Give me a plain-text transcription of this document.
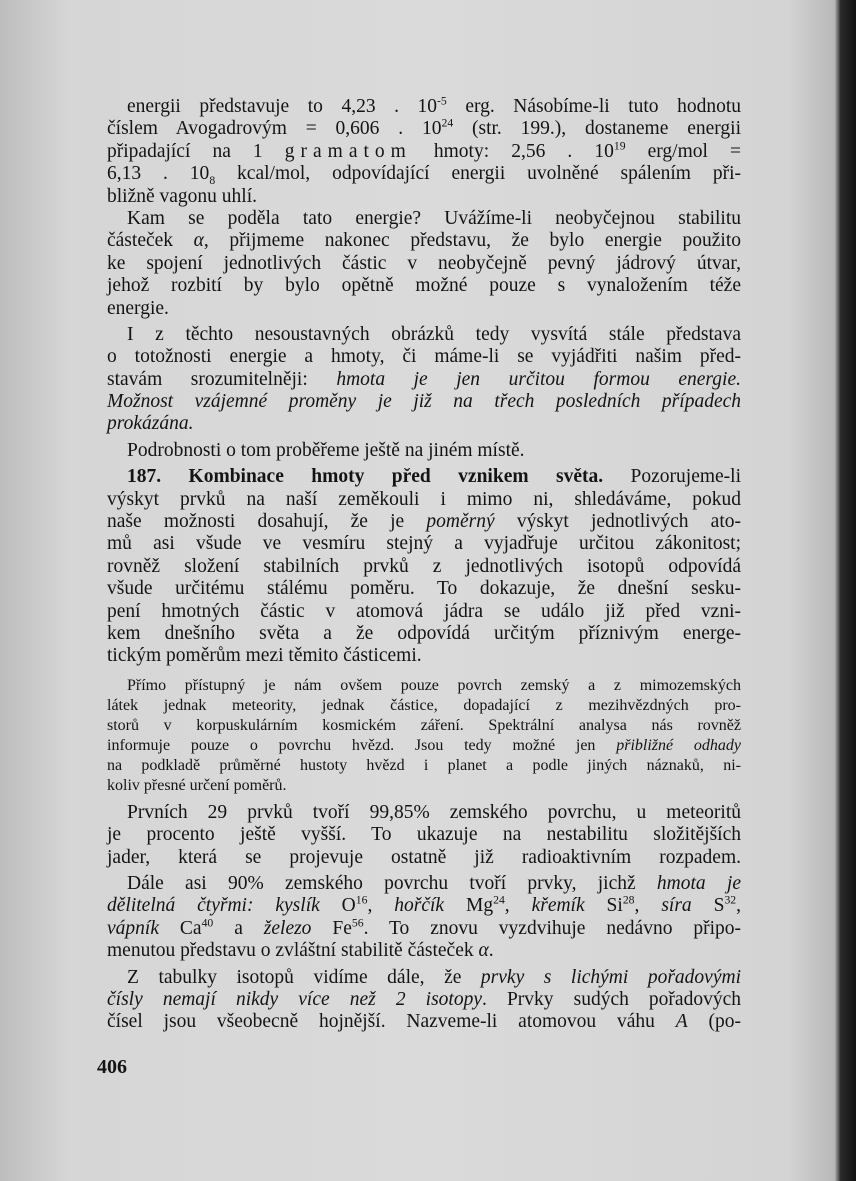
energii představuje to 4,23 . $10^{-5}$ erg. Násobíme-li tuto hodnotu
číslem Avogadrovým = 0,606 . $10^{24}$ (str. 199.), dostaneme energii
připadající na 1 gramatom hmoty: 2,56 . $10^{19}$ erg/mol =
6,13 . $10_8$ kcal/mol, odpovídající energii uvolněné spálením při-
bližně vagonu uhlí.
Kam se poděla tato energie? Uvážíme-li neobyčejnou stabilitu
částeček α, přijmeme nakonec představu, že bylo energie použito
ke spojení jednotlivých částic v neobyčejně pevný jádrový útvar,
jehož rozbití by bylo opětně možné pouze s vynaložením téže
energie.
I z těchto nesoustavných obrázků tedy vysvítá stále představa
o totožnosti energie a hmoty, či máme-li se vyjádřiti našim před-
stavám srozumitelněji: hmota je jen určitou formou energie.
Možnost vzájemné proměny je již na třech posledních případech
prokázána.
Podrobnosti o tom proběřeme ještě na jiném místě.
187. Kombinace hmoty před vznikem světa. Pozorujeme-li
výskyt prvků na naší zeměkouli i mimo ni, shledáváme, pokud
naše možnosti dosahují, že je poměrný výskyt jednotlivých ato-
mů asi všude ve vesmíru stejný a vyjadřuje určitou zákonitost;
rovněž složení stabilních prvků z jednotlivých isotopů odpovídá
všude určitému stálému poměru. To dokazuje, že dnešní sesku-
pení hmotných částic v atomová jádra se událo již před vzni-
kem dnešního světa a že odpovídá určitým příznivým energe-
tickým poměrům mezi těmito částicemi.
Přímo přístupný je nám ovšem pouze povrch zemský a z mimozemských
látek jednak meteority, jednak částice, dopadající z mezihvězdných pro-
storů v korpuskulárním kosmickém záření. Spektrální analysa nás rovněž
informuje pouze o povrchu hvězd. Jsou tedy možné jen přibližné odhady
na podkladě průměrné hustoty hvězd i planet a podle jiných náznaků, ni-
koliv přesné určení poměrů.
Prvních 29 prvků tvoří 99,85% zemského povrchu, u meteoritů
je procento ještě vyšší. To ukazuje na nestabilitu složitějších
jader, která se projevuje ostatně již radioaktivním rozpadem.
Dále asi 90% zemského povrchu tvoří prvky, jichž hmota je
dělitelná čtyřmi: kyslík $O^{16}$, hořčík Mg$^{24}$, křemík Si$^{28}$, síra $S^{32}$,
vápník Ca$^{40}$ a železo Fe$^{56}$. To znovu vyzdvihuje nedávno připo-
menutou představu o zvláštní stabilitě částeček α.
Z tabulky isotopů vidíme dále, že prvky s lichými pořadovými
čísly nemají nikdy více než 2 isotopy. Prvky sudých pořadových
čísel jsou všeobecně hojnější. Nazveme-li atomovou váhu A (po-
406
